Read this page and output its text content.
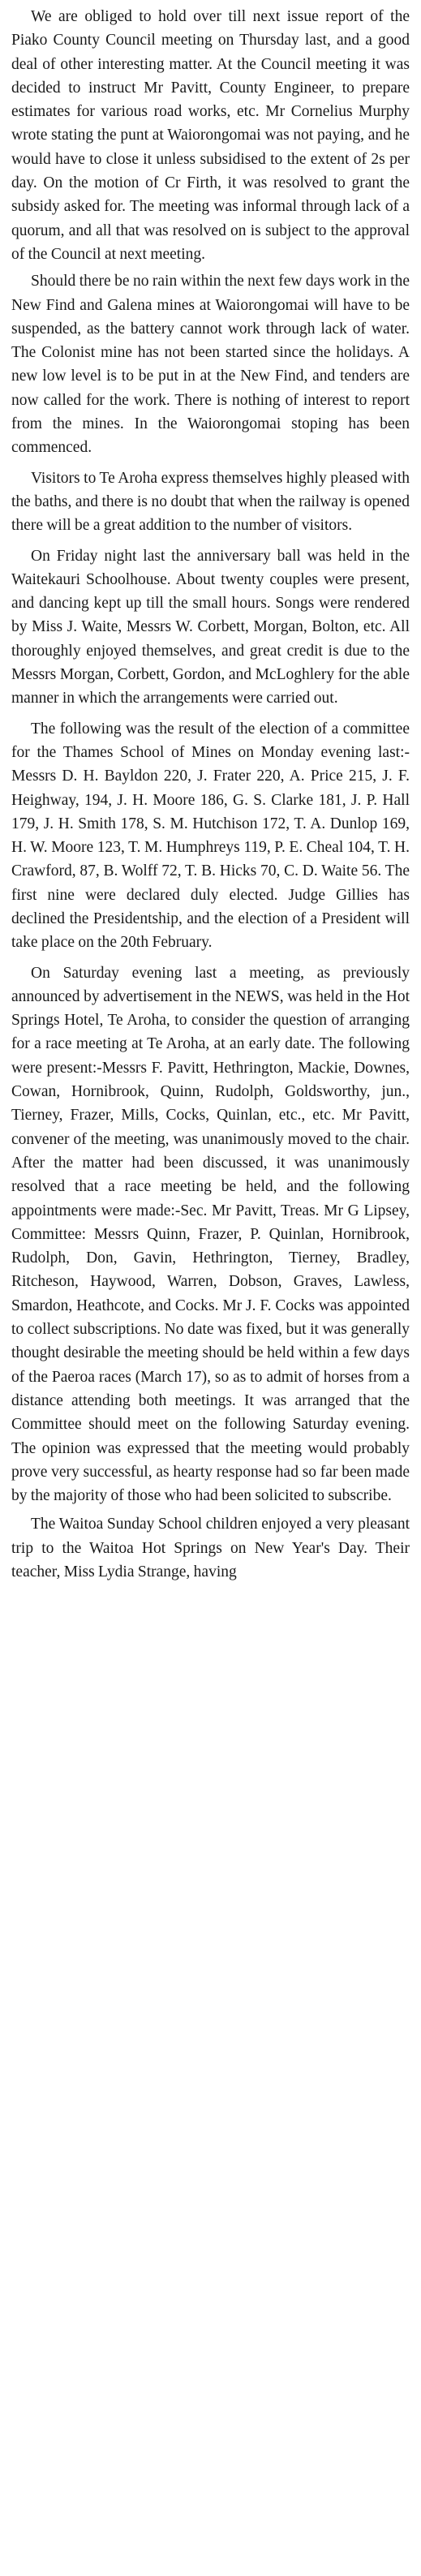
We are obliged to hold over till next issue report of the Piako County Council meeting on Thursday last, and a good deal of other interesting matter. At the Council meeting it was decided to instruct Mr Pavitt, County Engineer, to prepare estimates for various road works, etc. Mr Cornelius Murphy wrote stating the punt at Waiorongomai was not paying, and he would have to close it unless subsidised to the extent of 2s per day. On the motion of Cr Firth, it was resolved to grant the subsidy asked for. The meeting was informal through lack of a quorum, and all that was resolved on is subject to the approval of the Council at next meeting.

Should there be no rain within the next few days work in the New Find and Galena mines at Waiorongomai will have to be suspended, as the battery cannot work through lack of water. The Colonist mine has not been started since the holidays. A new low level is to be put in at the New Find, and tenders are now called for the work. There is nothing of interest to report from the mines. In the Waiorongomai stoping has been commenced.

Visitors to Te Aroha express themselves highly pleased with the baths, and there is no doubt that when the railway is opened there will be a great addition to the number of visitors.

On Friday night last the anniversary ball was held in the Waitekauri Schoolhouse. About twenty couples were present, and dancing kept up till the small hours. Songs were rendered by Miss J. Waite, Messrs W. Corbett, Morgan, Bolton, etc. All thoroughly enjoyed themselves, and great credit is due to the Messrs Morgan, Corbett, Gordon, and McLoghlery for the able manner in which the arrangements were carried out.

The following was the result of the election of a committee for the Thames School of Mines on Monday evening last:- Messrs D. H. Bayldon 220, J. Frater 220, A. Price 215, J. F. Heighway, 194, J. H. Moore 186, G. S. Clarke 181, J. P. Hall 179, J. H. Smith 178, S. M. Hutchison 172, T. A. Dunlop 169, H. W. Moore 123, T. M. Humphreys 119, P. E. Cheal 104, T. H. Crawford, 87, B. Wolff 72, T. B. Hicks 70, C. D. Waite 56. The first nine were declared duly elected. Judge Gillies has declined the Presidentship, and the election of a President will take place on the 20th February.

On Saturday evening last a meeting, as previously announced by advertisement in the NEWS, was held in the Hot Springs Hotel, Te Aroha, to consider the question of arranging for a race meeting at Te Aroha, at an early date. The following were present:-Messrs F. Pavitt, Hethrington, Mackie, Downes, Cowan, Hornibrook, Quinn, Rudolph, Goldsworthy, jun., Tierney, Frazer, Mills, Cocks, Quinlan, etc., etc. Mr Pavitt, convener of the meeting, was unanimously moved to the chair. After the matter had been discussed, it was unanimously resolved that a race meeting be held, and the following appointments were made:-Sec. Mr Pavitt, Treas. Mr G Lipsey, Committee: Messrs Quinn, Frazer, P. Quinlan, Hornibrook, Rudolph, Don, Gavin, Hethrington, Tierney, Bradley, Ritcheson, Haywood, Warren, Dobson, Graves, Lawless, Smardon, Heathcote, and Cocks. Mr J. F. Cocks was appointed to collect subscriptions. No date was fixed, but it was generally thought desirable the meeting should be held within a few days of the Paeroa races (March 17), so as to admit of horses from a distance attending both meetings. It was arranged that the Committee should meet on the following Saturday evening. The opinion was expressed that the meeting would probably prove very successful, as hearty response had so far been made by the majority of those who had been solicited to subscribe.

The Waitoa Sunday School children enjoyed a very pleasant trip to the Waitoa Hot Springs on New Year's Day. Their teacher, Miss Lydia Strange, having
